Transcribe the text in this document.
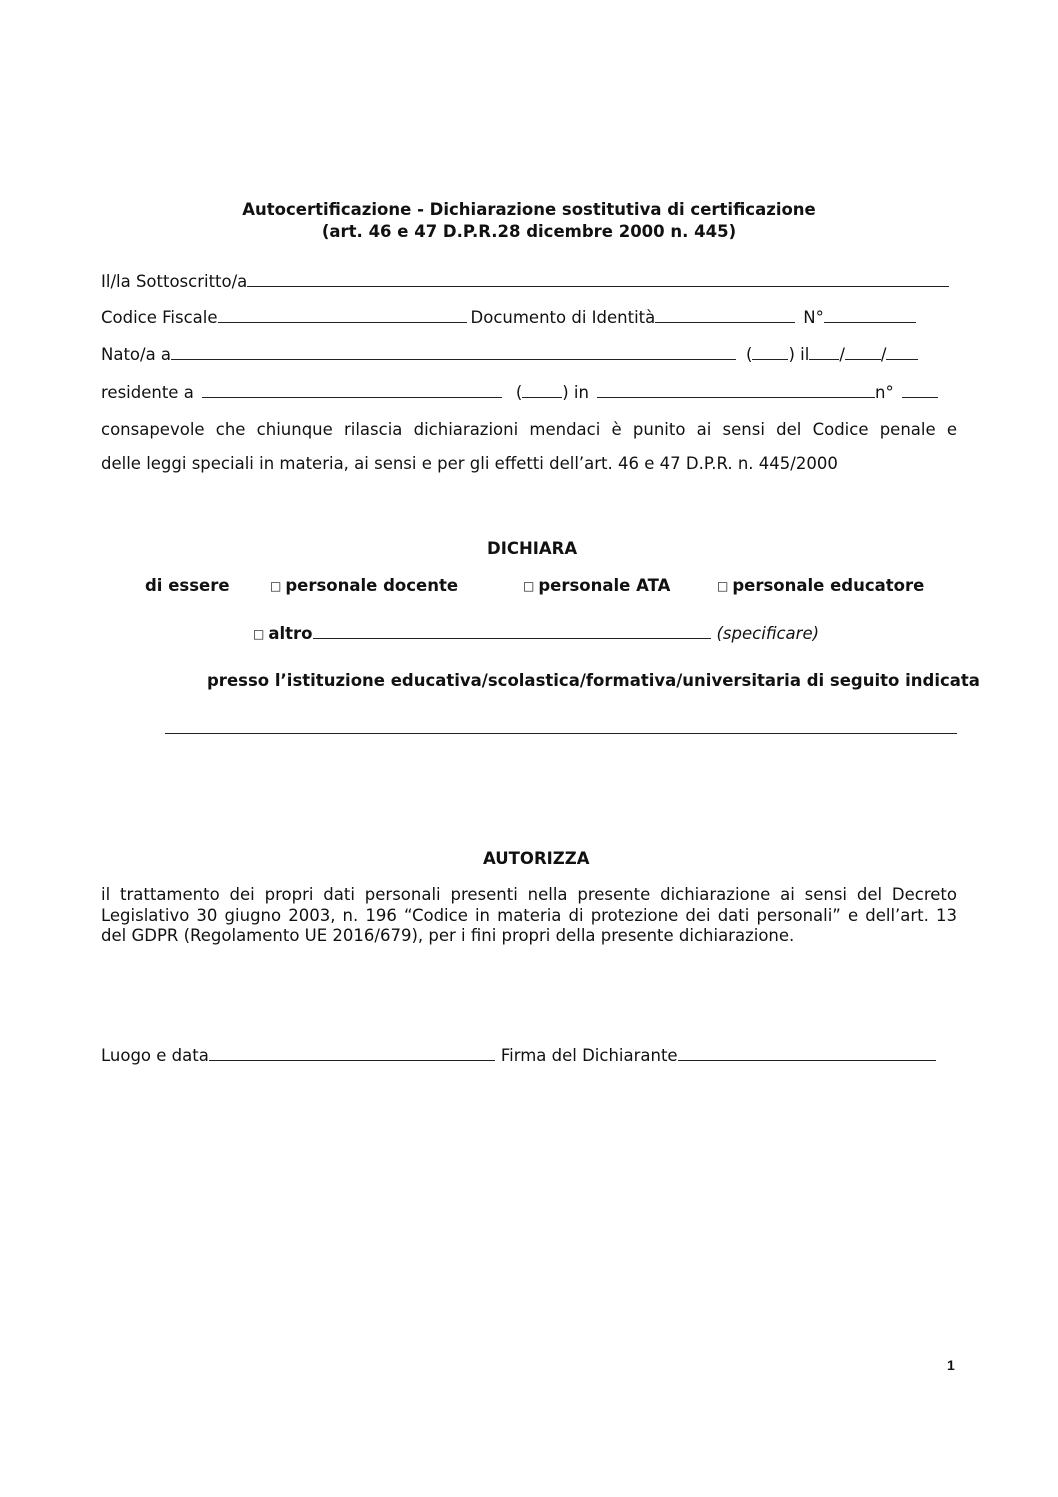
Autocertificazione - Dichiarazione sostitutiva di certificazione
(art. 46 e 47 D.P.R.28 dicembre 2000 n. 445)
Il/la Sottoscritto/a
Codice Fiscale	Documento di Identità	N°
Nato/a a	( ) il / /
residente a	( ) in	n°
consapevole che chiunque rilascia dichiarazioni mendaci è punito ai sensi del Codice penale e
delle leggi speciali in materia, ai sensi e per gli effetti dell’art. 46 e 47 D.P.R. n. 445/2000
DICHIARA
di essere	□ personale docente	□ personale ATA	□ personale educatore
□ altro	(specificare)
presso l’istituzione educativa/scolastica/formativa/universitaria di seguito indicata
AUTORIZZA
il trattamento dei propri dati personali presenti nella presente dichiarazione ai sensi del Decreto Legislativo 30 giugno 2003, n. 196 “Codice in materia di protezione dei dati personali” e dell’art. 13 del GDPR (Regolamento UE 2016/679), per i fini propri della presente dichiarazione.
Luogo e data	Firma del Dichiarante
1
